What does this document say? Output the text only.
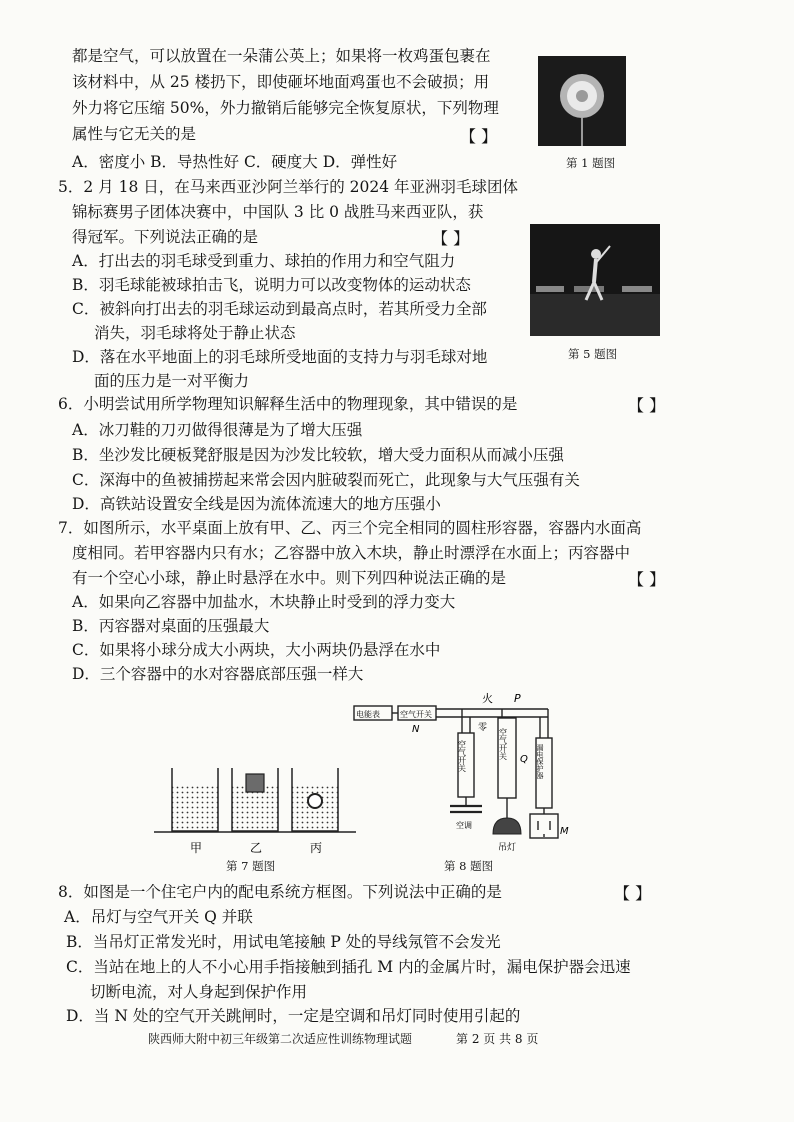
都是空气，可以放置在一朵蒲公英上；如果将一枚鸡蛋包裹在
该材料中，从 25 楼扔下，即使砸坏地面鸡蛋也不会破损；用
外力将它压缩 50%，外力撤销后能够完全恢复原状，下列物理
属性与它无关的是	【 】
A．密度小 B．导热性好 C．硬度大 D．弹性好	第 1 题图
5．2 月 18 日，在马来西亚沙阿兰举行的 2024 年亚洲羽毛球团体
锦标赛男子团体决赛中，中国队 3 比 0 战胜马来西亚队，获
得冠军。下列说法正确的是	【 】
A．打出去的羽毛球受到重力、球拍的作用力和空气阻力
B．羽毛球能被球拍击飞，说明力可以改变物体的运动状态
C．被斜向打出去的羽毛球运动到最高点时，若其所受力全部
消失，羽毛球将处于静止状态
D．落在水平地面上的羽毛球所受地面的支持力与羽毛球对地
面的压力是一对平衡力
第 5 题图
6．小明尝试用所学物理知识解释生活中的物理现象，其中错误的是	【 】
A．冰刀鞋的刀刃做得很薄是为了增大压强
B．坐沙发比硬板凳舒服是因为沙发比较软，增大受力面积从而减小压强
C．深海中的鱼被捕捞起来常会因内脏破裂而死亡，此现象与大气压强有关
D．高铁站设置安全线是因为流体流速大的地方压强小
7．如图所示，水平桌面上放有甲、乙、丙三个完全相同的圆柱形容器，容器内水面高
度相同。若甲容器内只有水；乙容器中放入木块，静止时漂浮在水面上；丙容器中
有一个空心小球，静止时悬浮在水中。则下列四种说法正确的是	【 】
A．如果向乙容器中加盐水，木块静止时受到的浮力变大
B．丙容器对桌面的压强最大
C．如果将小球分成大小两块，大小两块仍悬浮在水中
D．三个容器中的水对容器底部压强一样大
甲	乙	丙
第 7 题图
电能表	空气开关
火 P
N	零
Q
M
空气开关	空气开关	漏电保护器
空调
吊灯
第 8 题图
8．如图是一个住宅户内的配电系统方框图。下列说法中正确的是	【 】
A．吊灯与空气开关 Q 并联
B．当吊灯正常发光时，用试电笔接触 P 处的导线氖管不会发光
C．当站在地上的人不小心用手指接触到插孔 M 内的金属片时，漏电保护器会迅速
切断电流，对人身起到保护作用
D．当 N 处的空气开关跳闸时，一定是空调和吊灯同时使用引起的
陕西师大附中初三年级第二次适应性训练物理试题	第 2 页 共 8 页
